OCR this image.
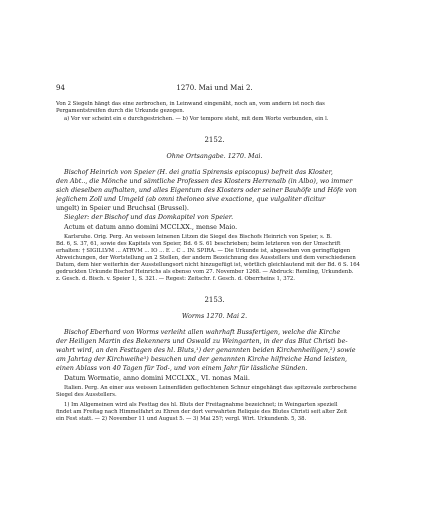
94	1270. Mai und Mai 2.
Von 2 Siegeln hängt das eine zerbrochen, in Leinwand eingenäht, noch an, vom andern ist noch das
Pergamentstreifen durch die Urkunde gezogen.
a) Vor ver scheint ein e durchgestrichen. — b) Vor tempore steht, mit dem Worte verbunden, ein l.
2152.
Ohne Ortsangabe. 1270. Mai.
Bischof Heinrich von Speier (H. dei gratia Spirensis episcopus) befreit das Kloster,
den Abt.., die Mönche und sämtliche Professen des Klosters Herrenalb (in Albo), wo immer
sich dieselben aufhalten, und alles Eigentum des Klosters oder seiner Bauhöfe und Höfe von
jeglichem Zoll und Umgeld (ab omni theloneo sive exactione, que vulgaliter dicitur
ungelt) in Speier und Bruchsal (Brussel).
Siegler: der Bischof und das Domkapitel von Speier.
Actum et datum anno domini MCCLXX., mense Maio.
Karlsruhe. Orig. Perg. An weissen leinenen Litzen die Siegel des Bischofs Heinrich von Speier, s. B.
Bd. 6, S. 37, 61, sowie des Kapitels von Speier, Bd. 6 S. 61 beschrieben; beim letzteren von der Umschrift
erhalten: † SIGILLVM ... ATRVM ... IO ... E .. C .. IN. SPIRA. — Die Urkunde ist, abgesehen von geringfügigen
Abweichungen, der Wortstellung an 2 Stellen, der andern Bezeichnung des Ausstellers und dem verschiedenen
Datum, dem hier weiterhin der Ausstellungsort nicht hinzugefügt ist, wörtlich gleichlautend mit der Bd. 6 S. 164
gedruckten Urkunde Bischof Heinrichs als ebenso vom 27. November 1268. — Abdruck: Remling, Urkundenb.
z. Gesch. d. Bisch. v. Speier 1, S. 321. — Regest: Zeitschr. f. Gesch. d. Oberrheins 1, 372.
2153.
Worms 1270. Mai 2.
Bischof Eberhard von Worms verleiht allen wahrhaft Bussfertigen, welche die Kirche
der Heiligen Martin des Bekenners und Oswald zu Weingarten, in der das Blut Christi be-
wahrt wird, an den Festtagen des hl. Bluts,¹) der genannten beiden Kirchenheiligen,²) sowie
am Jahrtag der Kirchweihe³) besuchen und der genannten Kirche hilfreiche Hand leisten,
einen Ablass von 40 Tagen für Tod-, und von einem Jahr für lässliche Sünden.
Datum Wormatie, anno domini MCCLXX., VI. nonas Maii.
Italien. Perg. An einer aus weissen Leinenfäden geflochtenen Schnur eingehängt das spitzovale zerbrochene
Siegel des Ausstellers.
1) Im Allgemeinen wird als Festtag des hl. Bluts der Freitagnahme bezeichnet; in Weingarten speziell
findet am Freitag nach Himmelfahrt zu Ehren der dort verwahrten Reliquie des Blutes Christi seit alter Zeit
ein Fest statt. — 2) November 11 und August 5. — 3) Mai 25?; vergl. Wirt. Urkundenb. 5, 38.
